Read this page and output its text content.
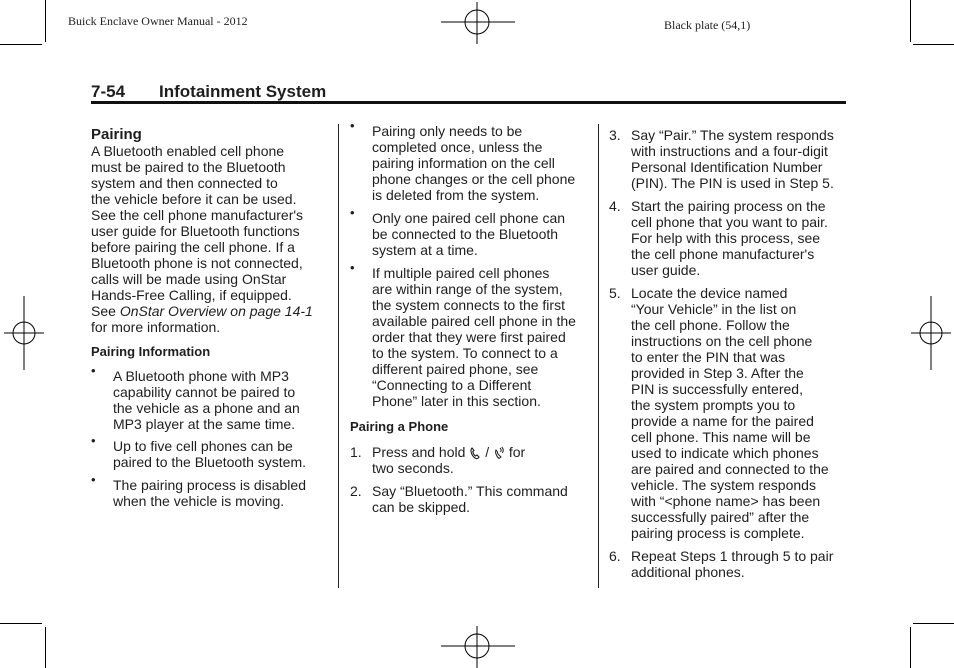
Buick Enclave Owner Manual - 2012	Black plate (54,1)
7-54 Infotainment System

Pairing

A Bluetooth enabled cell phone
must be paired to the Bluetooth
system and then connected to
the vehicle before it can be used.
See the cell phone manufacturer's
user guide for Bluetooth functions
before pairing the cell phone. If a
Bluetooth phone is not connected,
calls will be made using OnStar
Hands-Free Calling, if equipped.
See OnStar Overview on page 14-1
for more information.

Pairing Information

• A Bluetooth phone with MP3
capability cannot be paired to
the vehicle as a phone and an
MP3 player at the same time.
• Up to five cell phones can be
paired to the Bluetooth system.
• The pairing process is disabled
when the vehicle is moving.
• Pairing only needs to be
completed once, unless the
pairing information on the cell
phone changes or the cell phone
is deleted from the system.
• Only one paired cell phone can
be connected to the Bluetooth
system at a time.
• If multiple paired cell phones
are within range of the system,
the system connects to the first
available paired cell phone in the
order that they were first paired
to the system. To connect to a
different paired phone, see
“Connecting to a Different
Phone” later in this section.

Pairing a Phone

1. Press and hold / for
two seconds.
2. Say “Bluetooth.” This command
can be skipped.
3. Say “Pair.” The system responds
with instructions and a four-digit
Personal Identification Number
(PIN). The PIN is used in Step 5.
4. Start the pairing process on the
cell phone that you want to pair.
For help with this process, see
the cell phone manufacturer's
user guide.
5. Locate the device named
“Your Vehicle” in the list on
the cell phone. Follow the
instructions on the cell phone
to enter the PIN that was
provided in Step 3. After the
PIN is successfully entered,
the system prompts you to
provide a name for the paired
cell phone. This name will be
used to indicate which phones
are paired and connected to the
vehicle. The system responds
with “<phone name> has been
successfully paired” after the
pairing process is complete.
6. Repeat Steps 1 through 5 to pair
additional phones.
